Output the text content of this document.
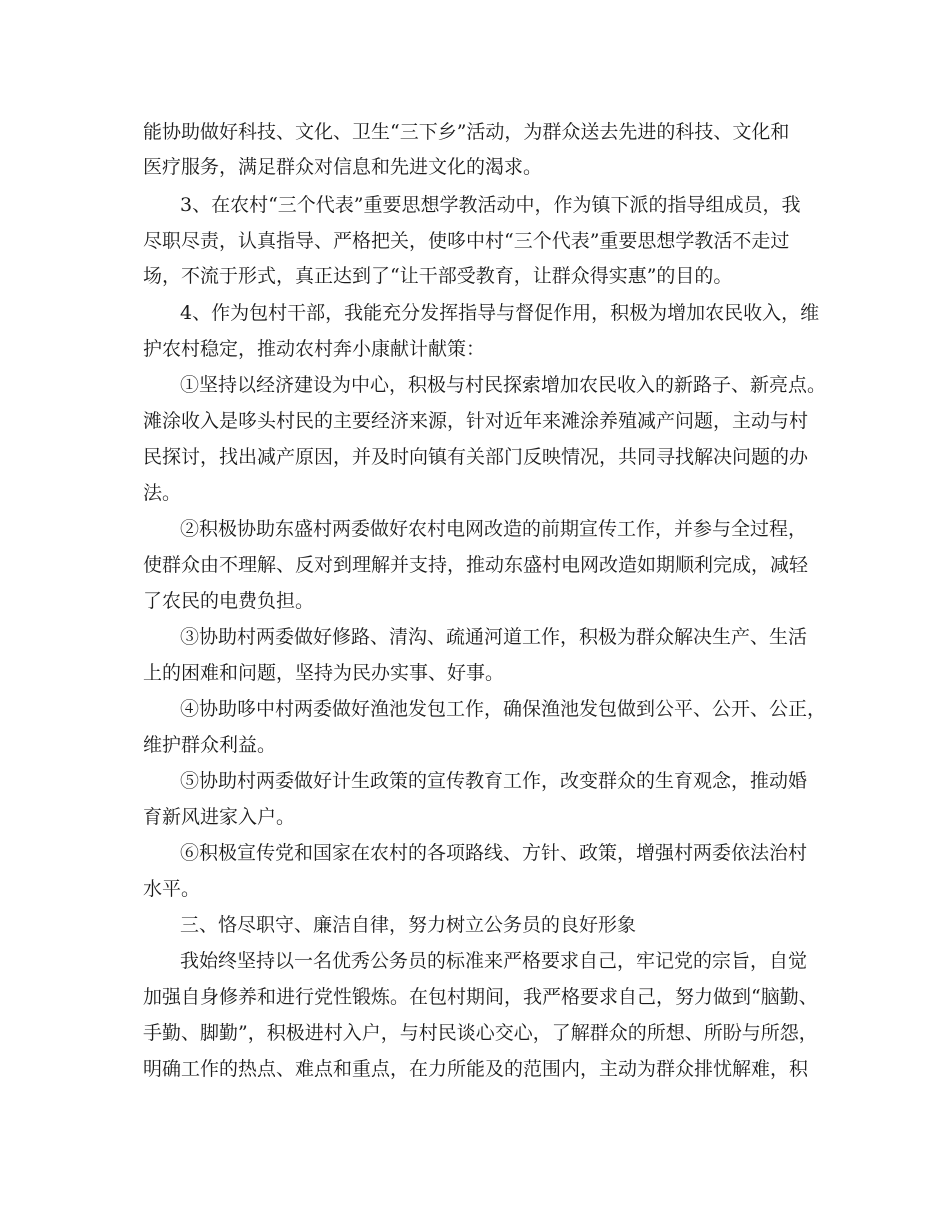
能协助做好科技、文化、卫生“三下乡”活动，为群众送去先进的科技、文化和
医疗服务，满足群众对信息和先进文化的渴求。
3、在农村“三个代表”重要思想学教活动中，作为镇下派的指导组成员，我
尽职尽责，认真指导、严格把关，使哆中村“三个代表”重要思想学教活不走过
场，不流于形式，真正达到了“让干部受教育，让群众得实惠”的目的。
4、作为包村干部，我能充分发挥指导与督促作用，积极为增加农民收入，维
护农村稳定，推动农村奔小康献计献策：
①坚持以经济建设为中心，积极与村民探索增加农民收入的新路子、新亮点。
滩涂收入是哆头村民的主要经济来源，针对近年来滩涂养殖减产问题，主动与村
民探讨，找出减产原因，并及时向镇有关部门反映情况，共同寻找解决问题的办
法。
②积极协助东盛村两委做好农村电网改造的前期宣传工作，并参与全过程，
使群众由不理解、反对到理解并支持，推动东盛村电网改造如期顺利完成，减轻
了农民的电费负担。
③协助村两委做好修路、清沟、疏通河道工作，积极为群众解决生产、生活
上的困难和问题，坚持为民办实事、好事。
④协助哆中村两委做好渔池发包工作，确保渔池发包做到公平、公开、公正，
维护群众利益。
⑤协助村两委做好计生政策的宣传教育工作，改变群众的生育观念，推动婚
育新风进家入户。
⑥积极宣传党和国家在农村的各项路线、方针、政策，增强村两委依法治村
水平。
三、恪尽职守、廉洁自律，努力树立公务员的良好形象
我始终坚持以一名优秀公务员的标准来严格要求自己，牢记党的宗旨，自觉
加强自身修养和进行党性锻炼。在包村期间，我严格要求自己，努力做到“脑勤、
手勤、脚勤”，积极进村入户，与村民谈心交心，了解群众的所想、所盼与所怨，
明确工作的热点、难点和重点，在力所能及的范围内，主动为群众排忧解难，积
